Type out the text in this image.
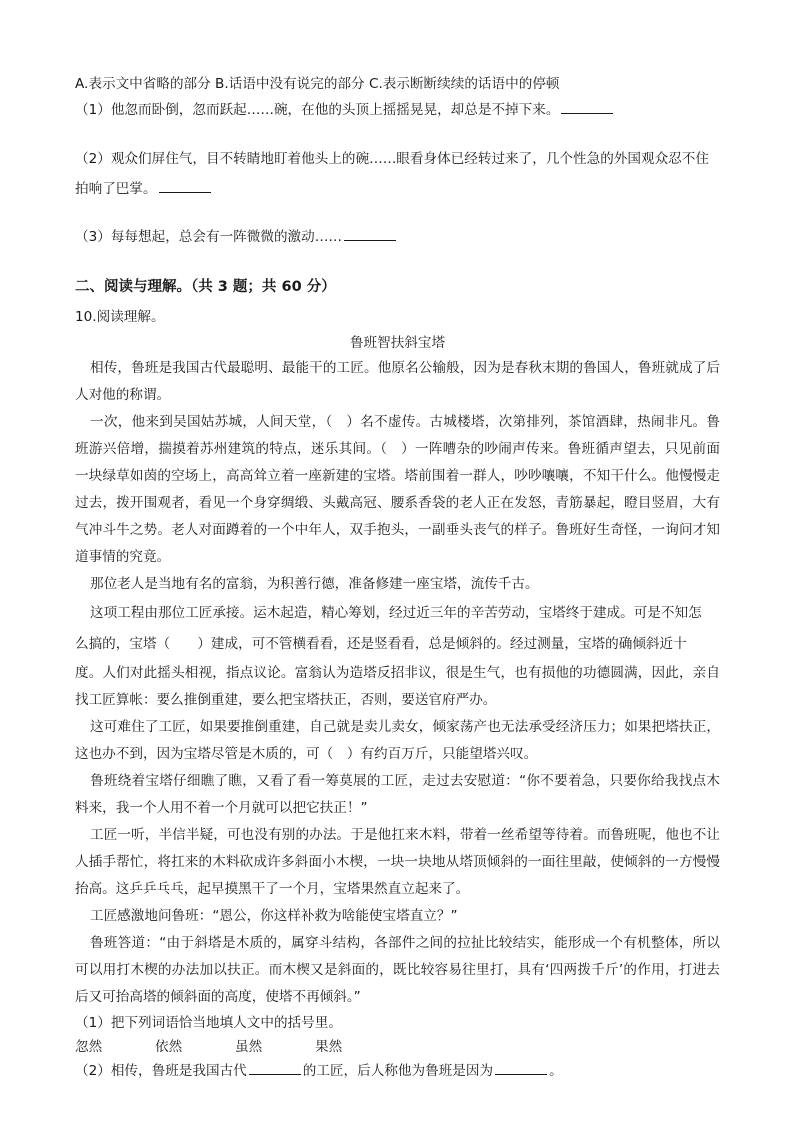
A.表示文中省略的部分 B.话语中没有说完的部分 C.表示断断续续的话语中的停顿
（1）他忽而卧倒，忽而跃起……碗，在他的头顶上摇摇晃晃，却总是不掉下来。
（2）观众们屏住气，目不转睛地盯着他头上的碗……眼看身体已经转过来了，几个性急的外国观众忍不住
拍响了巴掌。
（3）每每想起，总会有一阵微微的激动……
二、阅读与理解。（共 3 题；共 60 分）
10.阅读理解。
鲁班智扶斜宝塔
相传，鲁班是我国古代最聪明、最能干的工匠。他原名公输般，因为是春秋末期的鲁国人，鲁班就成了后人对他的称谓。
一次，他来到吴国姑苏城，人间天堂，（　）名不虚传。古城楼塔，次第排列，茶馆酒肆，热闹非凡。鲁班游兴倍增，揣摸着苏州建筑的特点，迷乐其间。（　）一阵嘈杂的吵闹声传来。鲁班循声望去，只见前面一块绿草如茵的空场上，高高耸立着一座新建的宝塔。塔前围着一群人，吵吵嚷嚷，不知干什么。他慢慢走过去，拨开围观者，看见一个身穿绸缎、头戴高冠、腰系香袋的老人正在发怒，青筋暴起，瞪目竖眉，大有气冲斗牛之势。老人对面蹲着的一个中年人，双手抱头，一副垂头丧气的样子。鲁班好生奇怪，一询问才知道事情的究竟。
那位老人是当地有名的富翁，为积善行德，准备修建一座宝塔，流传千古。
这项工程由那位工匠承接。运木起造，精心筹划，经过近三年的辛苦劳动，宝塔终于建成。可是不知怎
么搞的，宝塔（　　）建成，可不管横看看，还是竖看看，总是倾斜的。经过测量，宝塔的确倾斜近十
度。人们对此摇头相视，指点议论。富翁认为造塔反招非议，很是生气，也有损他的功德圆满，因此，亲自找工匠算帐：要么推倒重建，要么把宝塔扶正，否则，要送官府严办。
这可难住了工匠，如果要推倒重建，自己就是卖儿卖女，倾家荡产也无法承受经济压力；如果把塔扶正，这也办不到，因为宝塔尽管是木质的，可（　）有约百万斤，只能望塔兴叹。
鲁班绕着宝塔仔细瞧了瞧，又看了看一筹莫展的工匠，走过去安慰道：“你不要着急，只要你给我找点木料来，我一个人用不着一个月就可以把它扶正！”
工匠一听，半信半疑，可也没有别的办法。于是他扛来木料，带着一丝希望等待着。而鲁班呢，他也不让人插手帮忙，将扛来的木料砍成许多斜面小木楔，一块一块地从塔顶倾斜的一面往里敲，使倾斜的一方慢慢抬高。这乒乒乓乓，起早摸黑干了一个月，宝塔果然直立起来了。
工匠感激地问鲁班：“恩公，你这样补救为啥能使宝塔直立？”
鲁班答道：“由于斜塔是木质的，属穿斗结构，各部件之间的拉扯比较结实，能形成一个有机整体，所以可以用打木楔的办法加以扶正。而木楔又是斜面的，既比较容易往里打，具有‘四两拨千斤’的作用，打进去后又可抬高塔的倾斜面的高度，使塔不再倾斜。”
（1）把下列词语恰当地填人文中的括号里。
忽然	依然	虽然	果然
（2）相传，鲁班是我国古代	的工匠，后人称他为鲁班是因为	。
